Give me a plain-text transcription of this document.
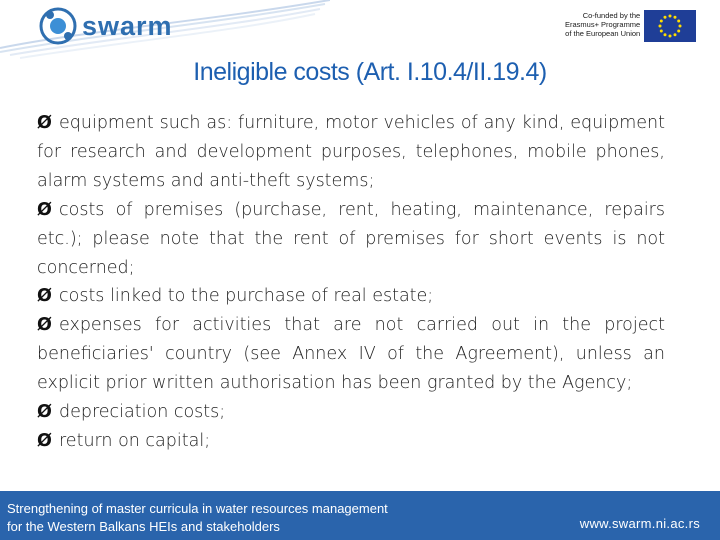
swarm	Co-funded by the
Erasmus+ Programme
of the European Union
Ineligible costs (Art. I.10.4/II.19.4)

Ø equipment such as: furniture, motor vehicles of any kind, equipment for research and development purposes, telephones, mobile phones, alarm systems and anti-theft systems;

Ø costs of premises (purchase, rent, heating, maintenance, repairs etc.); please note that the rent of premises for short events is not concerned;

Ø costs linked to the purchase of real estate;

Ø expenses for activities that are not carried out in the project beneficiaries' country (see Annex IV of the Agreement), unless an explicit prior written authorisation has been granted by the Agency;

Ø depreciation costs;

Ø return on capital;

Strengthening of master curricula in water resources management
for the Western Balkans HEIs and stakeholders	www.swarm.ni.ac.rs
